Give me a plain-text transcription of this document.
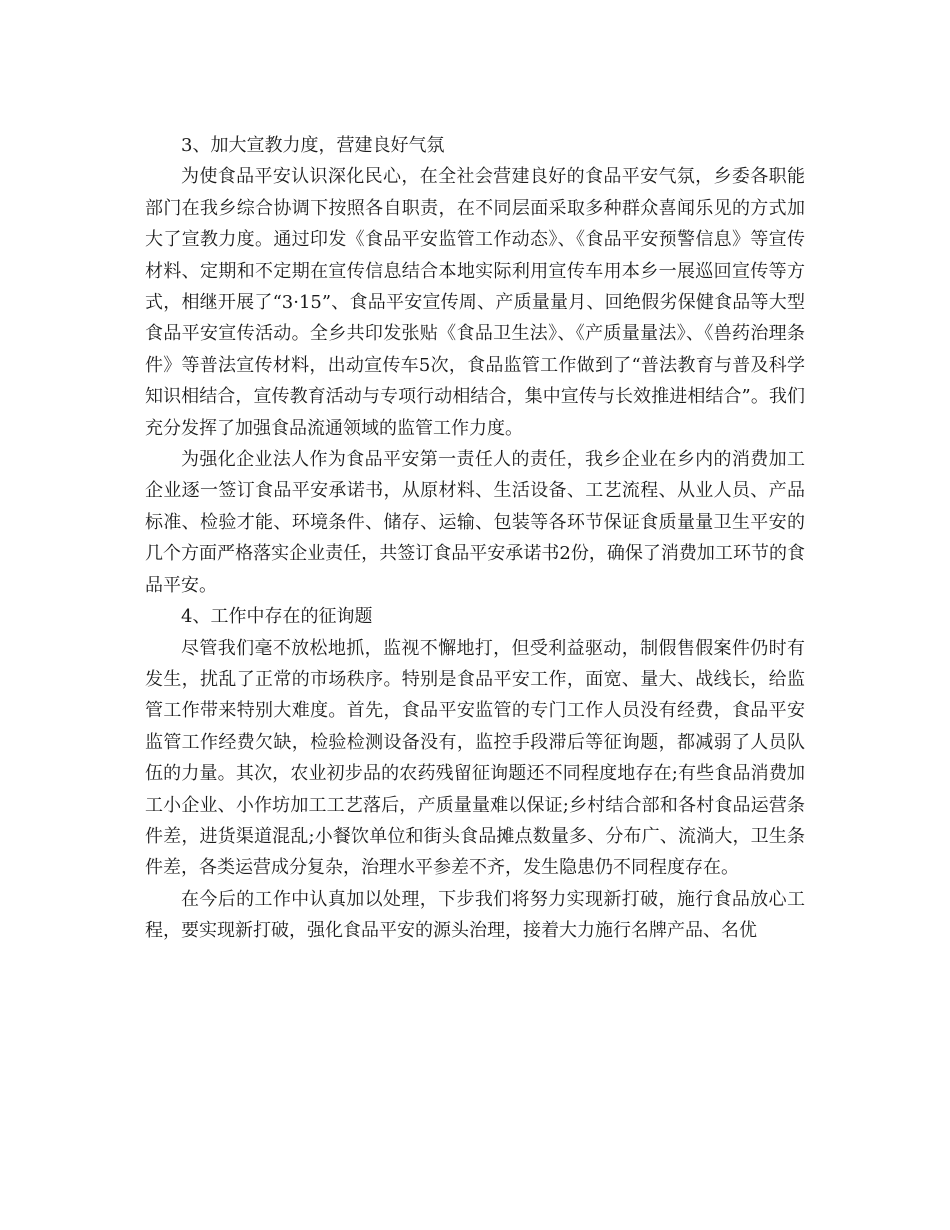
3、加大宣教力度，营建良好气氛

为使食品平安认识深化民心，在全社会营建良好的食品平安气氛，乡委各职能部门在我乡综合协调下按照各自职责，在不同层面采取多种群众喜闻乐见的方式加大了宣教力度。通过印发《食品平安监管工作动态》、《食品平安预警信息》等宣传材料、定期和不定期在宣传信息结合本地实际利用宣传车用本乡一展巡回宣传等方式，相继开展了“3·15”、食品平安宣传周、产质量量月、回绝假劣保健食品等大型食品平安宣传活动。全乡共印发张贴《食品卫生法》、《产质量量法》、《兽药治理条件》等普法宣传材料，出动宣传车5次，食品监管工作做到了“普法教育与普及科学知识相结合，宣传教育活动与专项行动相结合，集中宣传与长效推进相结合”。我们充分发挥了加强食品流通领域的监管工作力度。

为强化企业法人作为食品平安第一责任人的责任，我乡企业在乡内的消费加工企业逐一签订食品平安承诺书，从原材料、生活设备、工艺流程、从业人员、产品标准、检验才能、环境条件、储存、运输、包装等各环节保证食质量量卫生平安的几个方面严格落实企业责任，共签订食品平安承诺书2份，确保了消费加工环节的食品平安。

4、工作中存在的征询题

尽管我们毫不放松地抓，监视不懈地打，但受利益驱动，制假售假案件仍时有发生，扰乱了正常的市场秩序。特别是食品平安工作，面宽、量大、战线长，给监管工作带来特别大难度。首先，食品平安监管的专门工作人员没有经费，食品平安监管工作经费欠缺，检验检测设备没有，监控手段滞后等征询题，都减弱了人员队伍的力量。其次，农业初步品的农药残留征询题还不同程度地存在;有些食品消费加工小企业、小作坊加工工艺落后，产质量量难以保证;乡村结合部和各村食品运营条件差，进货渠道混乱;小餐饮单位和街头食品摊点数量多、分布广、流淌大，卫生条件差，各类运营成分复杂，治理水平参差不齐，发生隐患仍不同程度存在。

在今后的工作中认真加以处理，下步我们将努力实现新打破，施行食品放心工程，要实现新打破，强化食品平安的源头治理，接着大力施行名牌产品、名优
